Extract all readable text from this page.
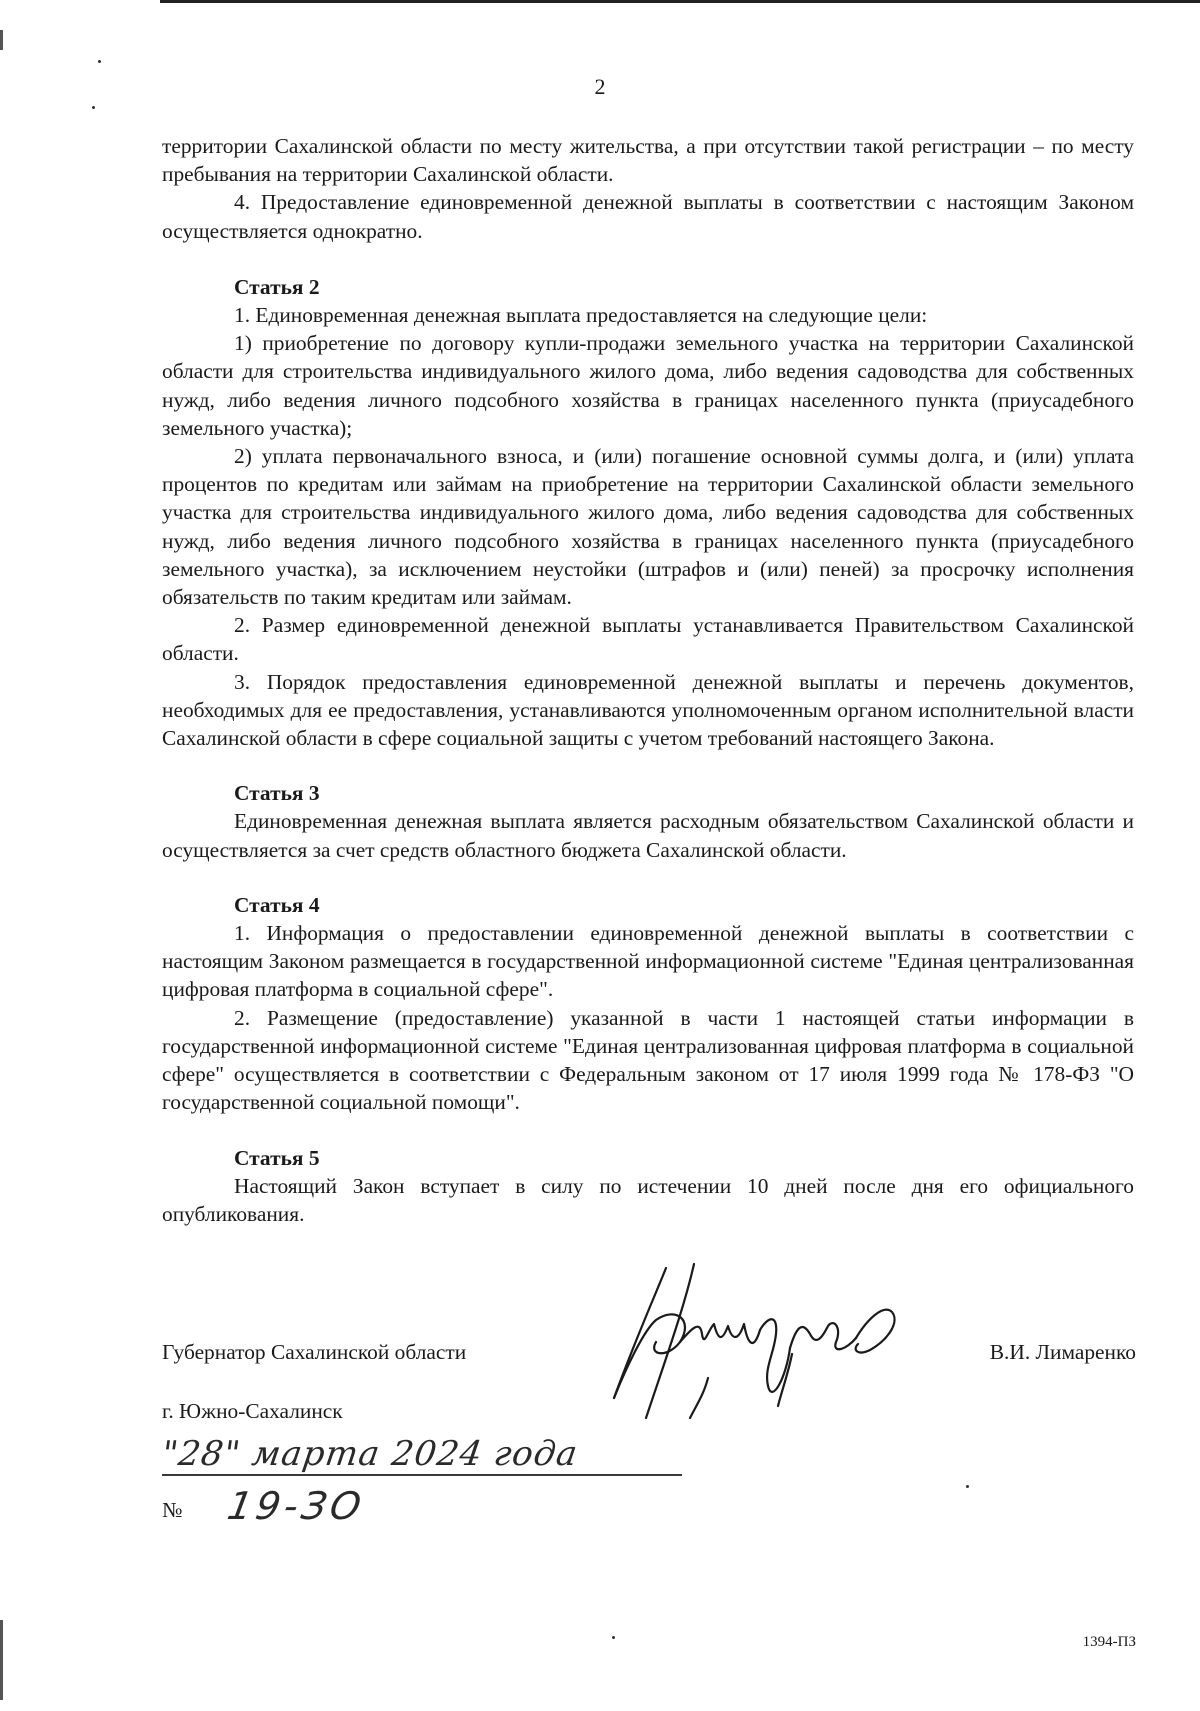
2

территории Сахалинской области по месту жительства, а при отсутствии такой регистрации – по месту пребывания на территории Сахалинской области.

4. Предоставление единовременной денежной выплаты в соответствии с настоящим Законом осуществляется однократно.

Статья 2

1. Единовременная денежная выплата предоставляется на следующие цели:

1) приобретение по договору купли-продажи земельного участка на территории Сахалинской области для строительства индивидуального жилого дома, либо ведения садоводства для собственных нужд, либо ведения личного подсобного хозяйства в границах населенного пункта (приусадебного земельного участка);

2) уплата первоначального взноса, и (или) погашение основной суммы долга, и (или) уплата процентов по кредитам или займам на приобретение на территории Сахалинской области земельного участка для строительства индивидуального жилого дома, либо ведения садоводства для собственных нужд, либо ведения личного подсобного хозяйства в границах населенного пункта (приусадебного земельного участка), за исключением неустойки (штрафов и (или) пеней) за просрочку исполнения обязательств по таким кредитам или займам.

2. Размер единовременной денежной выплаты устанавливается Правительством Сахалинской области.

3. Порядок предоставления единовременной денежной выплаты и перечень документов, необходимых для ее предоставления, устанавливаются уполномоченным органом исполнительной власти Сахалинской области в сфере социальной защиты с учетом требований настоящего Закона.

Статья 3

Единовременная денежная выплата является расходным обязательством Сахалинской области и осуществляется за счет средств областного бюджета Сахалинской области.

Статья 4

1. Информация о предоставлении единовременной денежной выплаты в соответствии с настоящим Законом размещается в государственной информационной системе "Единая централизованная цифровая платформа в социальной сфере".

2. Размещение (предоставление) указанной в части 1 настоящей статьи информации в государственной информационной системе "Единая централизованная цифровая платформа в социальной сфере" осуществляется в соответствии с Федеральным законом от 17 июля 1999 года № 178-ФЗ "О государственной социальной помощи".

Статья 5

Настоящий Закон вступает в силу по истечении 10 дней после дня его официального опубликования.

Губернатор Сахалинской области	В.И. Лимаренко
г. Южно-Сахалинск
"28" марта 2024 года
№ 19-ЗО
1394-ПЗ
